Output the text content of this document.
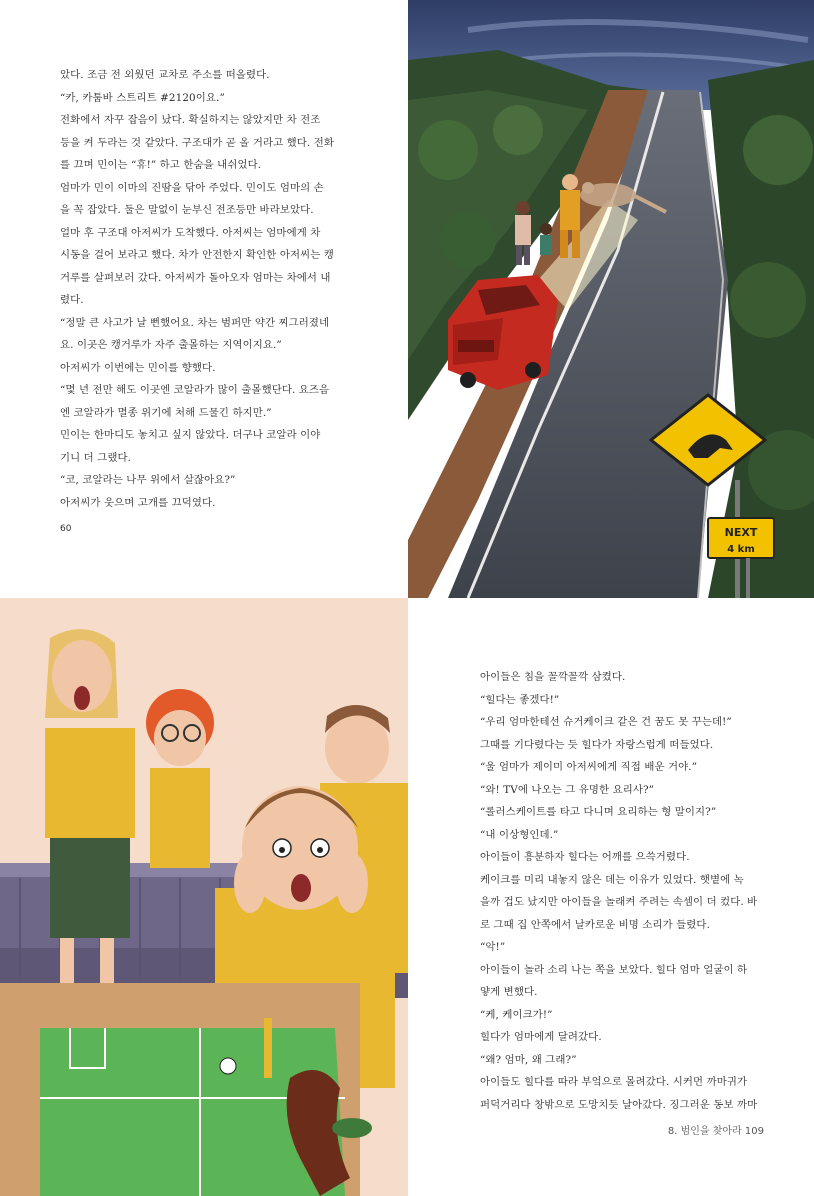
았다. 조금 전 외웠던 교차로 주소를 떠올렸다.

“카, 카툼바 스트리트 #2120이요.”

전화에서 자꾸 잡음이 났다. 확실하지는 않았지만 차 전조

등을 켜 두라는 것 같았다. 구조대가 곧 올 거라고 했다. 전화

를 끄며 민이는 “휴!” 하고 한숨을 내쉬었다.

엄마가 민이 이마의 진땀을 닦아 주었다. 민이도 엄마의 손

을 꼭 잡았다. 둘은 말없이 눈부신 전조등만 바라보았다.

얼마 후 구조대 아저씨가 도착했다. 아저씨는 엄마에게 차

시동을 걸어 보라고 했다. 차가 안전한지 확인한 아저씨는 캥

거루를 살펴보러 갔다. 아저씨가 돌아오자 엄마는 차에서 내

렸다.

“정말 큰 사고가 날 뻔했어요. 차는 범퍼만 약간 찌그러졌네

요. 이곳은 캥거루가 자주 출몰하는 지역이지요.”

아저씨가 이번에는 민이를 향했다.

“몇 년 전만 해도 이곳엔 코알라가 많이 출몰했단다. 요즈음

엔 코알라가 멸종 위기에 처해 드물긴 하지만.”

민이는 한마디도 놓치고 싶지 않았다. 더구나 코알라 이야

기니 더 그랬다.

“코, 코알라는 나무 위에서 살잖아요?”

아저씨가 웃으며 고개를 끄덕였다.

60	NEXT
4 km

아이들은 침을 꼴깍꼴깍 삼켰다.

“힐다는 좋겠다!”

“우리 엄마한테선 슈거케이크 같은 건 꿈도 못 꾸는데!”

그때를 기다렸다는 듯 힐다가 자랑스럽게 떠들었다.

“울 엄마가 제이미 아저씨에게 직접 배운 거야.”

“와! TV에 나오는 그 유명한 요리사?”

“롤러스케이트를 타고 다니며 요리하는 형 말이지?”

“내 이상형인데.”

아이들이 흥분하자 힐다는 어깨를 으쓱거렸다.

케이크를 미리 내놓지 않은 데는 이유가 있었다. 햇볕에 녹

을까 겁도 났지만 아이들을 놀래켜 주려는 속셈이 더 컸다. 바

로 그때 집 안쪽에서 날카로운 비명 소리가 들렸다.

“악!”

아이들이 놀라 소리 나는 쪽을 보았다. 힐다 엄마 얼굴이 하

얗게 변했다.

“케, 케이크가!”

힐다가 엄마에게 달려갔다.

“왜? 엄마, 왜 그래?”

아이들도 힐다를 따라 부엌으로 몰려갔다. 시커먼 까마귀가

퍼덕거리다 창밖으로 도망치듯 날아갔다. 징그러운 동보 까마

8. 범인을 찾아라 109
